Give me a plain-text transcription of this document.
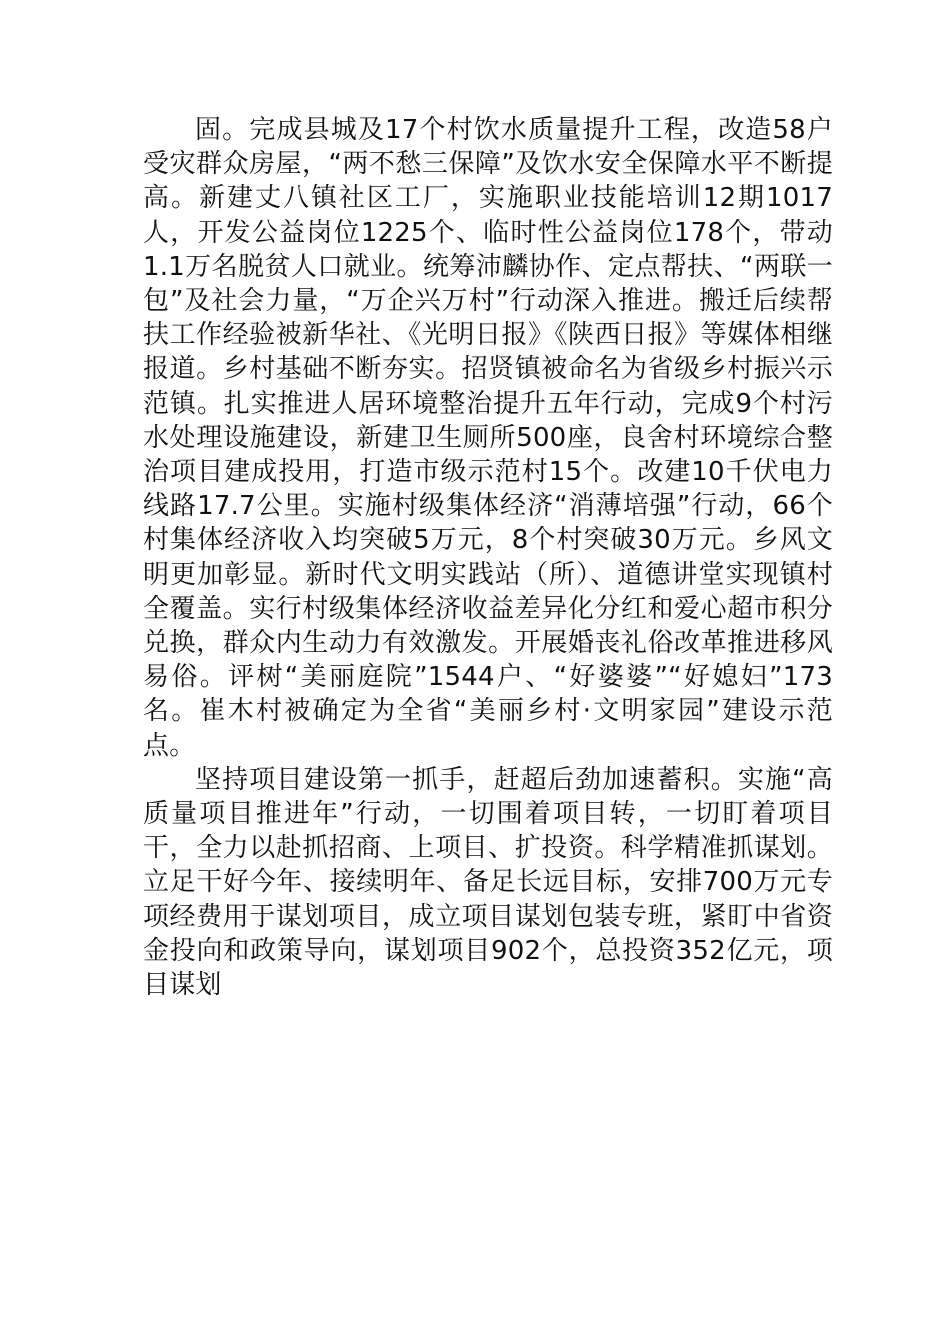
固。完成县城及17个村饮水质量提升工程，改造58户受灾群众房屋，“两不愁三保障”及饮水安全保障水平不断提高。新建丈八镇社区工厂，实施职业技能培训12期1017人，开发公益岗位1225个、临时性公益岗位178个，带动1.1万名脱贫人口就业。统筹沛麟协作、定点帮扶、“两联一包”及社会力量，“万企兴万村”行动深入推进。搬迁后续帮扶工作经验被新华社、《光明日报》《陕西日报》等媒体相继报道。乡村基础不断夯实。招贤镇被命名为省级乡村振兴示范镇。扎实推进人居环境整治提升五年行动，完成9个村污水处理设施建设，新建卫生厕所500座，良舍村环境综合整治项目建成投用，打造市级示范村15个。改建10千伏电力线路17.7公里。实施村级集体经济“消薄培强”行动，66个村集体经济收入均突破5万元，8个村突破30万元。乡风文明更加彰显。新时代文明实践站（所）、道德讲堂实现镇村全覆盖。实行村级集体经济收益差异化分红和爱心超市积分兑换，群众内生动力有效激发。开展婚丧礼俗改革推进移风易俗。评树“美丽庭院”1544户、“好婆婆”“好媳妇”173名。崔木村被确定为全省“美丽乡村·文明家园”建设示范点。

坚持项目建设第一抓手，赶超后劲加速蓄积。实施“高质量项目推进年”行动，一切围着项目转，一切盯着项目干，全力以赴抓招商、上项目、扩投资。科学精准抓谋划。立足干好今年、接续明年、备足长远目标，安排700万元专项经费用于谋划项目，成立项目谋划包装专班，紧盯中省资金投向和政策导向，谋划项目902个，总投资352亿元，项目谋划
